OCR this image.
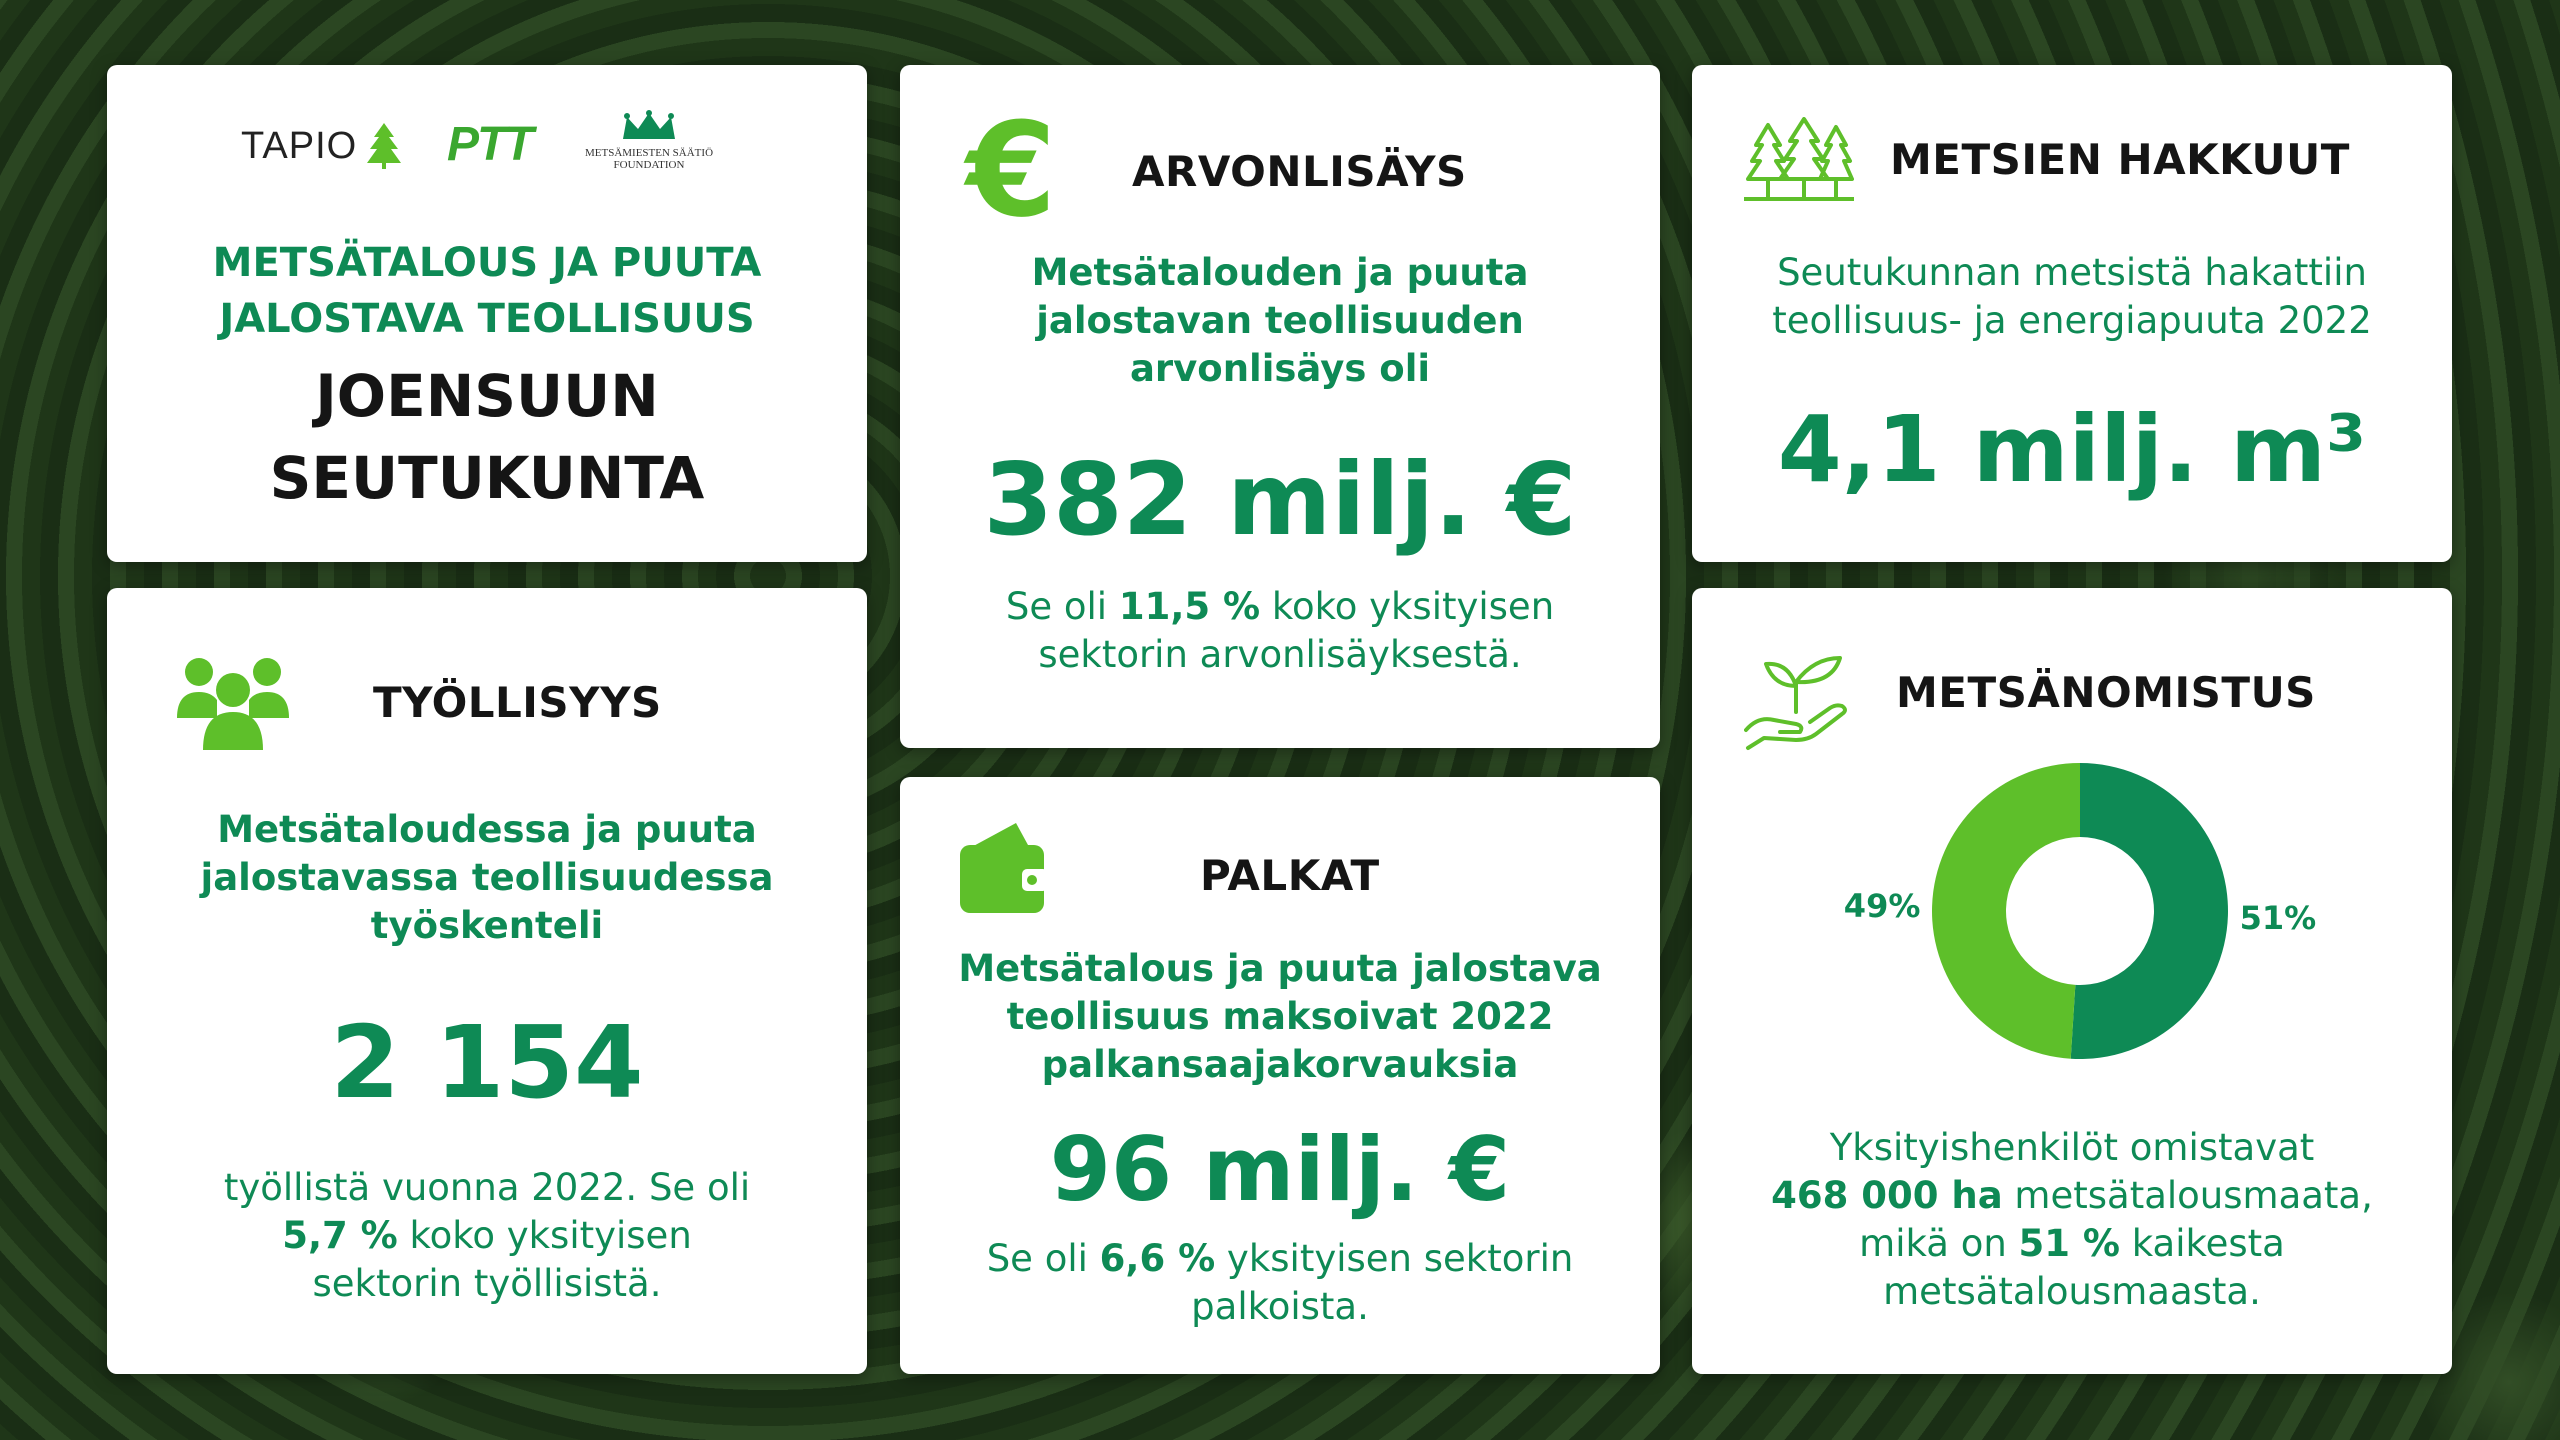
TAPIO PTT	METSÄMIESTEN SÄÄTIÖ
FOUNDATION
METSÄTALOUS JA PUUTA
JALOSTAVA TEOLLISUUS
JOENSUUN
SEUTUKUNTA
€ ARVONLISÄYS
Metsätalouden ja puuta
jalostavan teollisuuden
arvonlisäys oli
382 milj. €
Se oli 11,5 % koko yksityisen
sektorin arvonlisäyksestä.
METSIEN HAKKUUT
Seutukunnan metsistä hakattiin
teollisuus- ja energiapuuta 2022
4,1 milj. m³
TYÖLLISYYS
Metsätaloudessa ja puuta
jalostavassa teollisuudessa
työskenteli
2 154
työllistä vuonna 2022. Se oli
5,7 % koko yksityisen
sektorin työllisistä.
PALKAT
Metsätalous ja puuta jalostava
teollisuus maksoivat 2022
palkansaajakorvauksia
96 milj. €
Se oli 6,6 % yksityisen sektorin
palkoista.
METSÄNOMISTUS
51%
49%
Yksityishenkilöt omistavat
468 000 ha metsätalousmaata,
mikä on 51 % kaikesta
metsätalousmaasta.
